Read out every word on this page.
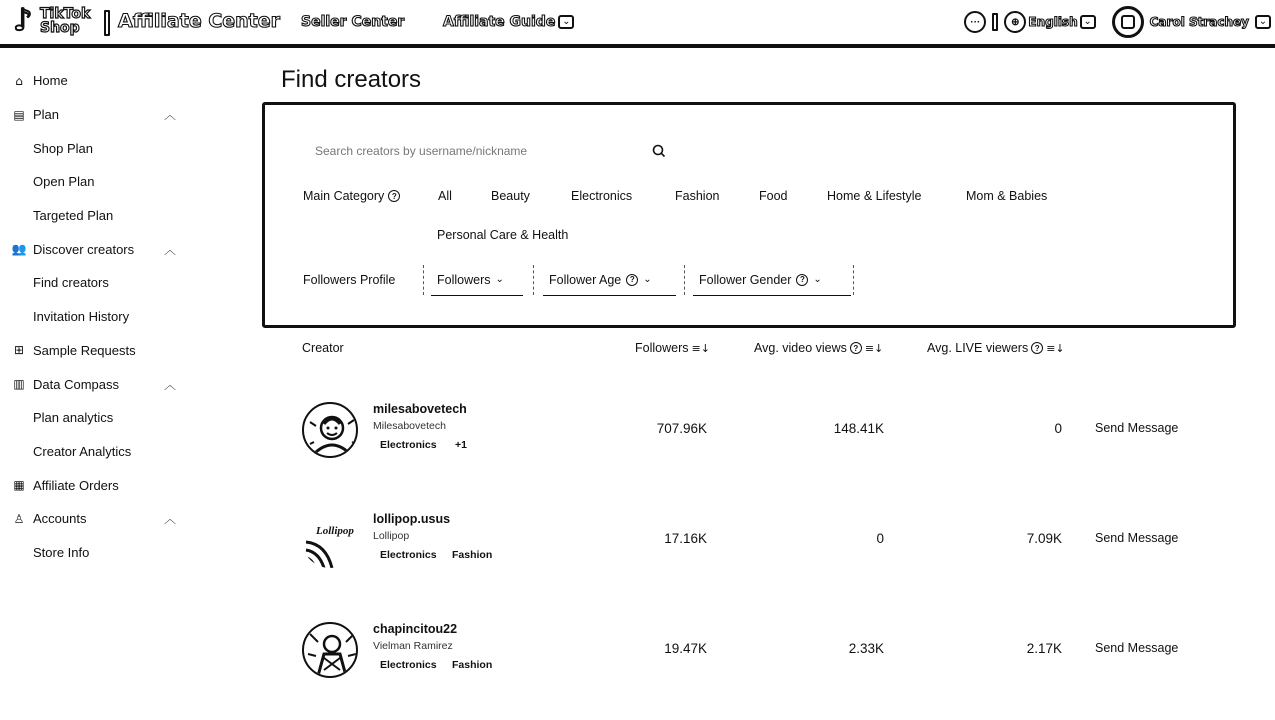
♪ TikTok
Shop	Affiliate Center Seller Center	Affiliate Guide ⌄	···	⊕ English ⌄	Carol Strachey ⌄
⌂ Home
▤ Plan	︿
Shop Plan
Open Plan
Targeted Plan
👥 Discover creators ︿
Find creators
Invitation History
⊞ Sample Requests
▥ Data Compass	︿
Plan analytics
Creator Analytics
▦ Affiliate Orders
♙ Accounts	︿
Store Info
Find creators
Search creators by username/nickname
Main Category ?	All	Beauty	Electronics	Fashion	Food	Home & Lifestyle	Mom & Babies
Personal Care & Health
Followers Profile	Followers ⌄	Follower Age	? ⌄	Follower Gender	? ⌄
Creator	Followers ≡↓	Avg. video views ? ≡↓	Avg. LIVE viewers ? ≡↓
milesabovetech
Milesabovetech
Electronics +1
707.96K	148.41K	0	Send Message
Lollipop
lollipop.usus
Lollipop
Electronics Fashion
17.16K	0	7.09K	Send Message
chapincitou22
Vielman Ramirez
Electronics Fashion
19.47K	2.33K	2.17K	Send Message
